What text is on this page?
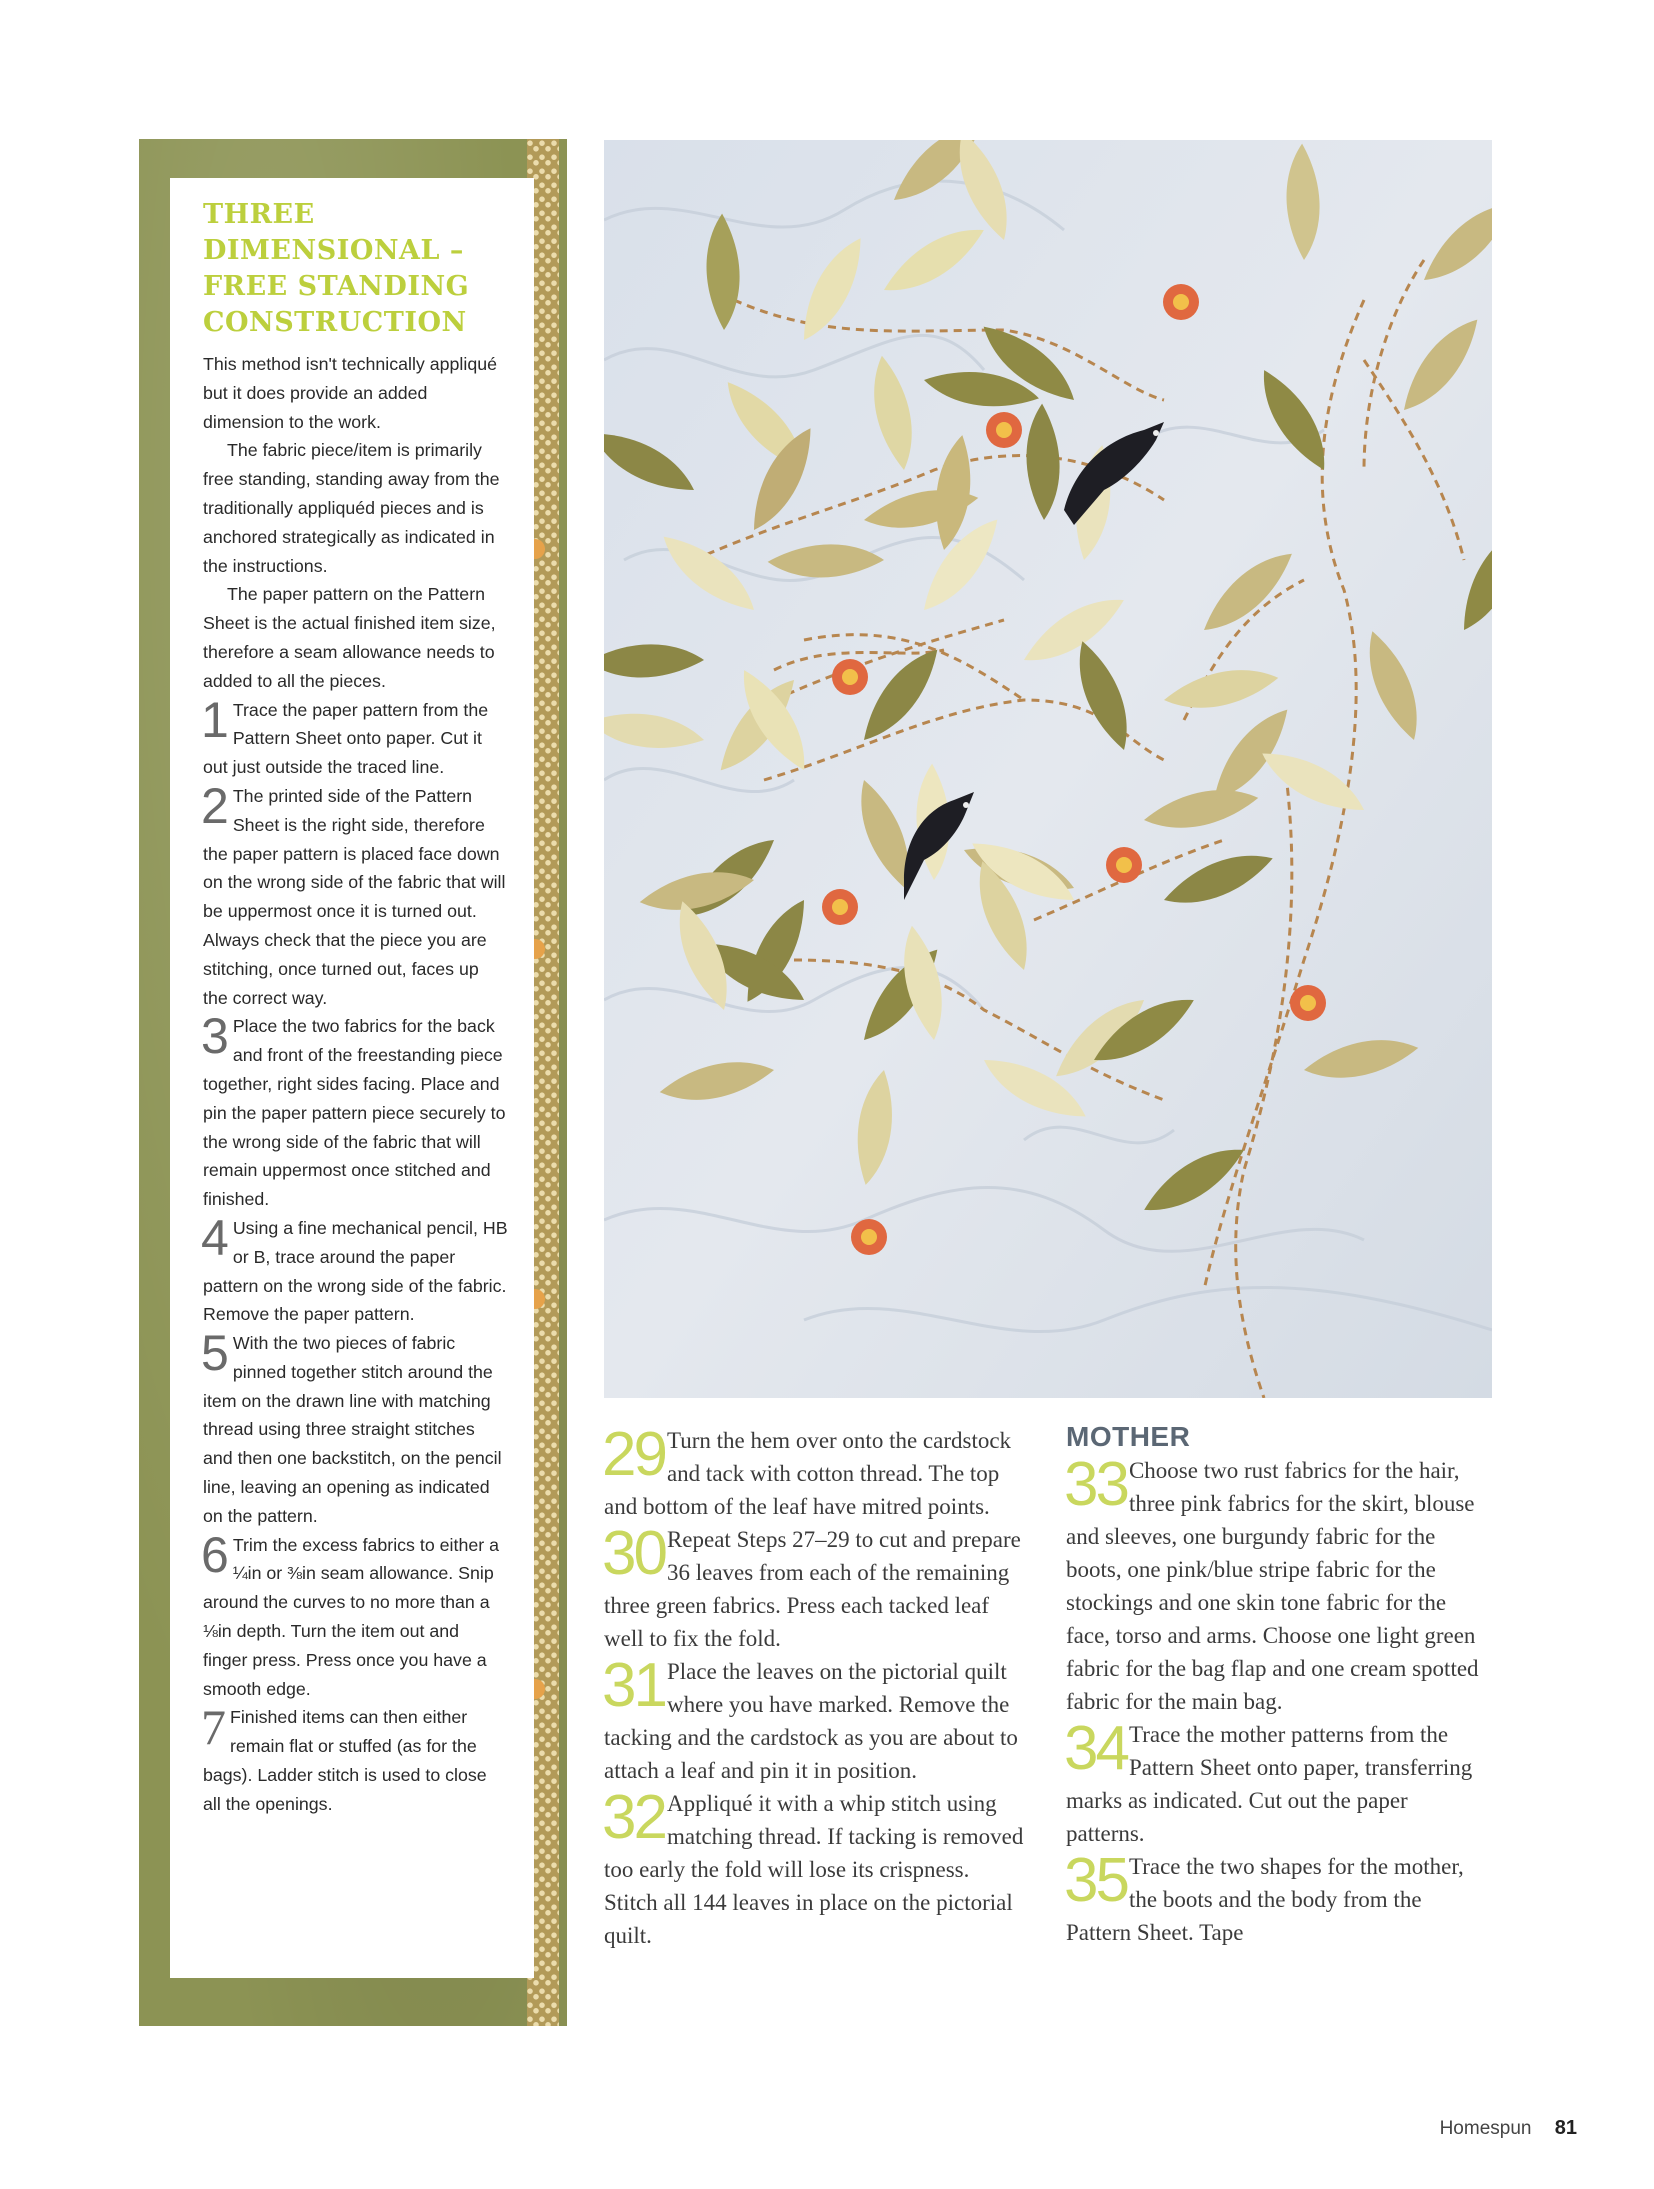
THREE
DIMENSIONAL –
FREE STANDING
CONSTRUCTION

This method isn't technically appliqué but it does provide an added dimension to the work.

The fabric piece/item is primarily free standing, standing away from the traditionally appliquéd pieces and is anchored strategically as indicated in the instructions.

The paper pattern on the Pattern Sheet is the actual finished item size, therefore a seam allowance needs to added to all the pieces.

1 Trace the paper pattern from the Pattern Sheet onto paper. Cut it out just outside the traced line.
2 The printed side of the Pattern Sheet is the right side, therefore the paper pattern is placed face down on the wrong side of the fabric that will be uppermost once it is turned out. Always check that the piece you are stitching, once turned out, faces up the correct way.
3 Place the two fabrics for the back and front of the freestanding piece together, right sides facing. Place and pin the paper pattern piece securely to the wrong side of the fabric that will remain uppermost once stitched and finished.
4 Using a fine mechanical pencil, HB or B, trace around the paper pattern on the wrong side of the fabric. Remove the paper pattern.
5 With the two pieces of fabric pinned together stitch around the item on the drawn line with matching thread using three straight stitches and then one backstitch, on the pencil line, leaving an opening as indicated on the pattern.
6 Trim the excess fabrics to either a ¼in or ⅜in seam allowance. Snip around the curves to no more than a ⅛in depth. Turn the item out and finger press. Press once you have a smooth edge.
7 Finished items can then either remain flat or stuffed (as for the bags). Ladder stitch is used to close all the openings.

29 Turn the hem over onto the cardstock and tack with cotton thread. The top and bottom of the leaf have mitred points.

30 Repeat Steps 27–29 to cut and prepare 36 leaves from each of the remaining three green fabrics. Press each tacked leaf well to fix the fold.

31 Place the leaves on the pictorial quilt where you have marked. Remove the tacking and the cardstock as you are about to attach a leaf and pin it in position.

32 Appliqué it with a whip stitch using matching thread. If tacking is removed too early the fold will lose its crispness. Stitch all 144 leaves in place on the pictorial quilt.

MOTHER

33 Choose two rust fabrics for the hair, three pink fabrics for the skirt, blouse and sleeves, one burgundy fabric for the boots, one pink/blue stripe fabric for the stockings and one skin tone fabric for the face, torso and arms. Choose one light green fabric for the bag flap and one cream spotted fabric for the main bag.

34 Trace the mother patterns from the Pattern Sheet onto paper, transferring marks as indicated. Cut out the paper patterns.

35 Trace the two shapes for the mother, the boots and the body from the Pattern Sheet. Tape

Homespun 81
